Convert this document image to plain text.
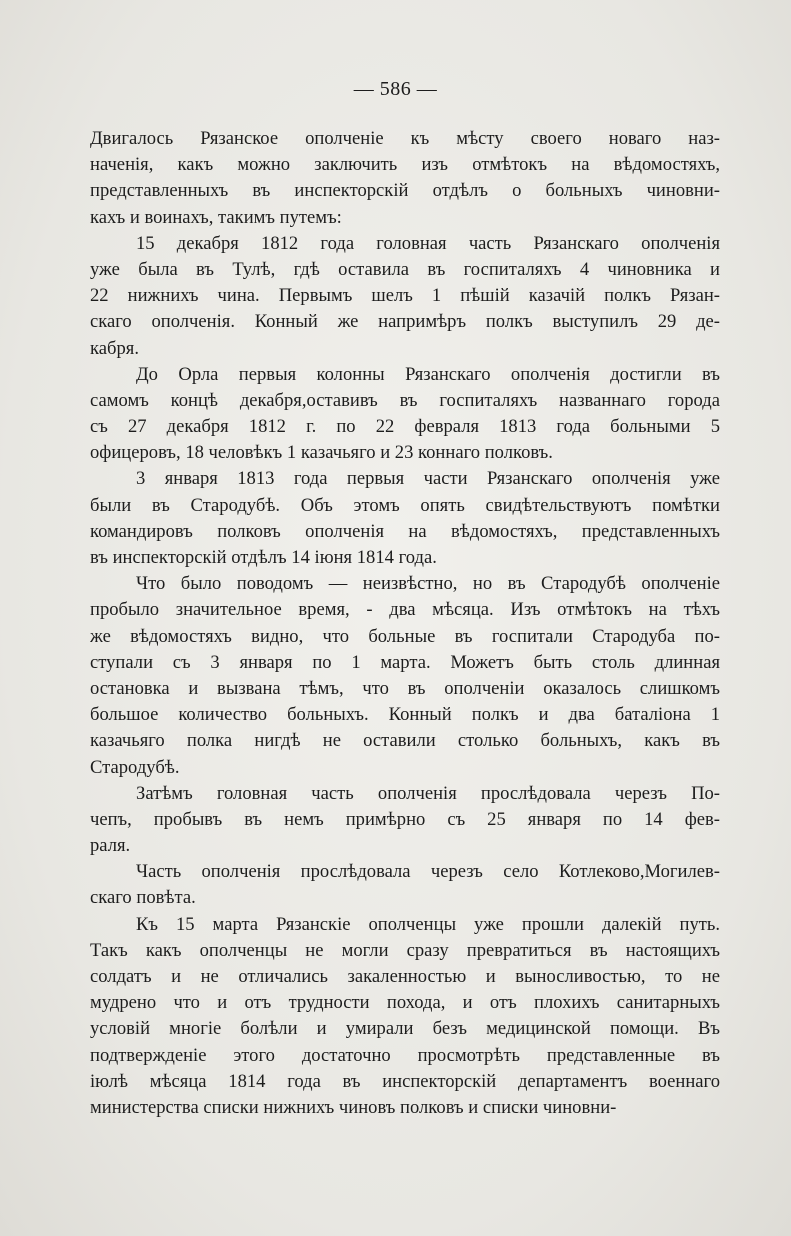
— 586 —
Двигалось Рязанское ополченіе къ мѣсту своего новаго наз-
наченія, какъ можно заключить изъ отмѣтокъ на вѣдомостяхъ,
представленныхъ въ инспекторскій отдѣлъ о больныхъ чиновни-
кахъ и воинахъ, такимъ путемъ:
15 декабря 1812 года головная часть Рязанскаго ополченія
уже была въ Тулѣ, гдѣ оставила въ госпиталяхъ 4 чиновника и
22 нижнихъ чина. Первымъ шелъ 1 пѣшій казачій полкъ Рязан-
скаго ополченія. Конный же напримѣръ полкъ выступилъ 29 де-
кабря.
До Орла первыя колонны Рязанскаго ополченія достигли въ
самомъ концѣ декабря,оставивъ въ госпиталяхъ названнаго города
съ 27 декабря 1812 г. по 22 февраля 1813 года больными 5
офицеровъ, 18 человѣкъ 1 казачьяго и 23 коннаго полковъ.
3 января 1813 года первыя части Рязанскаго ополченія уже
были въ Стародубѣ. Объ этомъ опять свидѣтельствуютъ помѣтки
командировъ полковъ ополченія на вѣдомостяхъ, представленныхъ
въ инспекторскій отдѣлъ 14 іюня 1814 года.
Что было поводомъ — неизвѣстно, но въ Стародубѣ ополченіе
пробыло значительное время, - два мѣсяца. Изъ отмѣтокъ на тѣхъ
же вѣдомостяхъ видно, что больные въ госпитали Стародуба по-
ступали съ 3 января по 1 марта. Можетъ быть столь длинная
остановка и вызвана тѣмъ, что въ ополченіи оказалось слишкомъ
большое количество больныхъ. Конный полкъ и два баталіона 1
казачьяго полка нигдѣ не оставили столько больныхъ, какъ въ
Стародубѣ.
Затѣмъ головная часть ополченія прослѣдовала черезъ По-
чепъ, пробывъ въ немъ примѣрно съ 25 января по 14 фев-
раля.
Часть ополченія прослѣдовала черезъ село Котлеково,Могилев-
скаго повѣта.
Къ 15 марта Рязанскіе ополченцы уже прошли далекій путь.
Такъ какъ ополченцы не могли сразу превратиться въ настоящихъ
солдатъ и не отличались закаленностью и выносливостью, то не
мудрено что и отъ трудности похода, и отъ плохихъ санитарныхъ
условій многіе болѣли и умирали безъ медицинской помощи. Въ
подтвержденіе этого достаточно просмотрѣть представленные въ
іюлѣ мѣсяца 1814 года въ инспекторскій департаментъ военнаго
министерства списки нижнихъ чиновъ полковъ и списки чиновни-
